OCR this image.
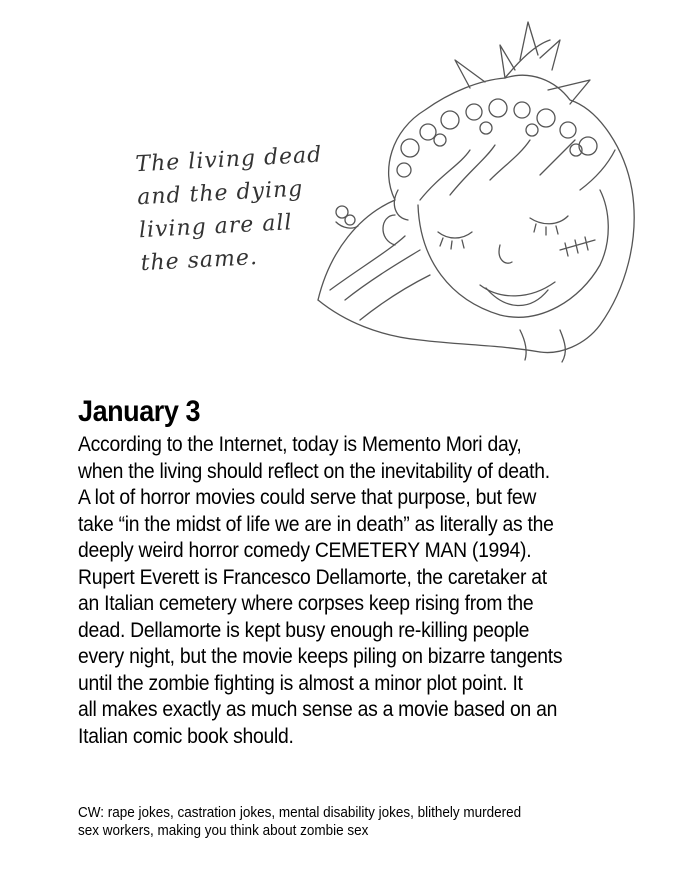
The living dead
and the dying
living are all
the same.
January 3
According to the Internet, today is Memento Mori day,
when the living should reflect on the inevitability of death.
A lot of horror movies could serve that purpose, but few
take “in the midst of life we are in death” as literally as the
deeply weird horror comedy CEMETERY MAN (1994).
Rupert Everett is Francesco Dellamorte, the caretaker at
an Italian cemetery where corpses keep rising from the
dead. Dellamorte is kept busy enough re-killing people
every night, but the movie keeps piling on bizarre tangents
until the zombie fighting is almost a minor plot point. It
all makes exactly as much sense as a movie based on an
Italian comic book should.
CW: rape jokes, castration jokes, mental disability jokes, blithely murdered
sex workers, making you think about zombie sex
